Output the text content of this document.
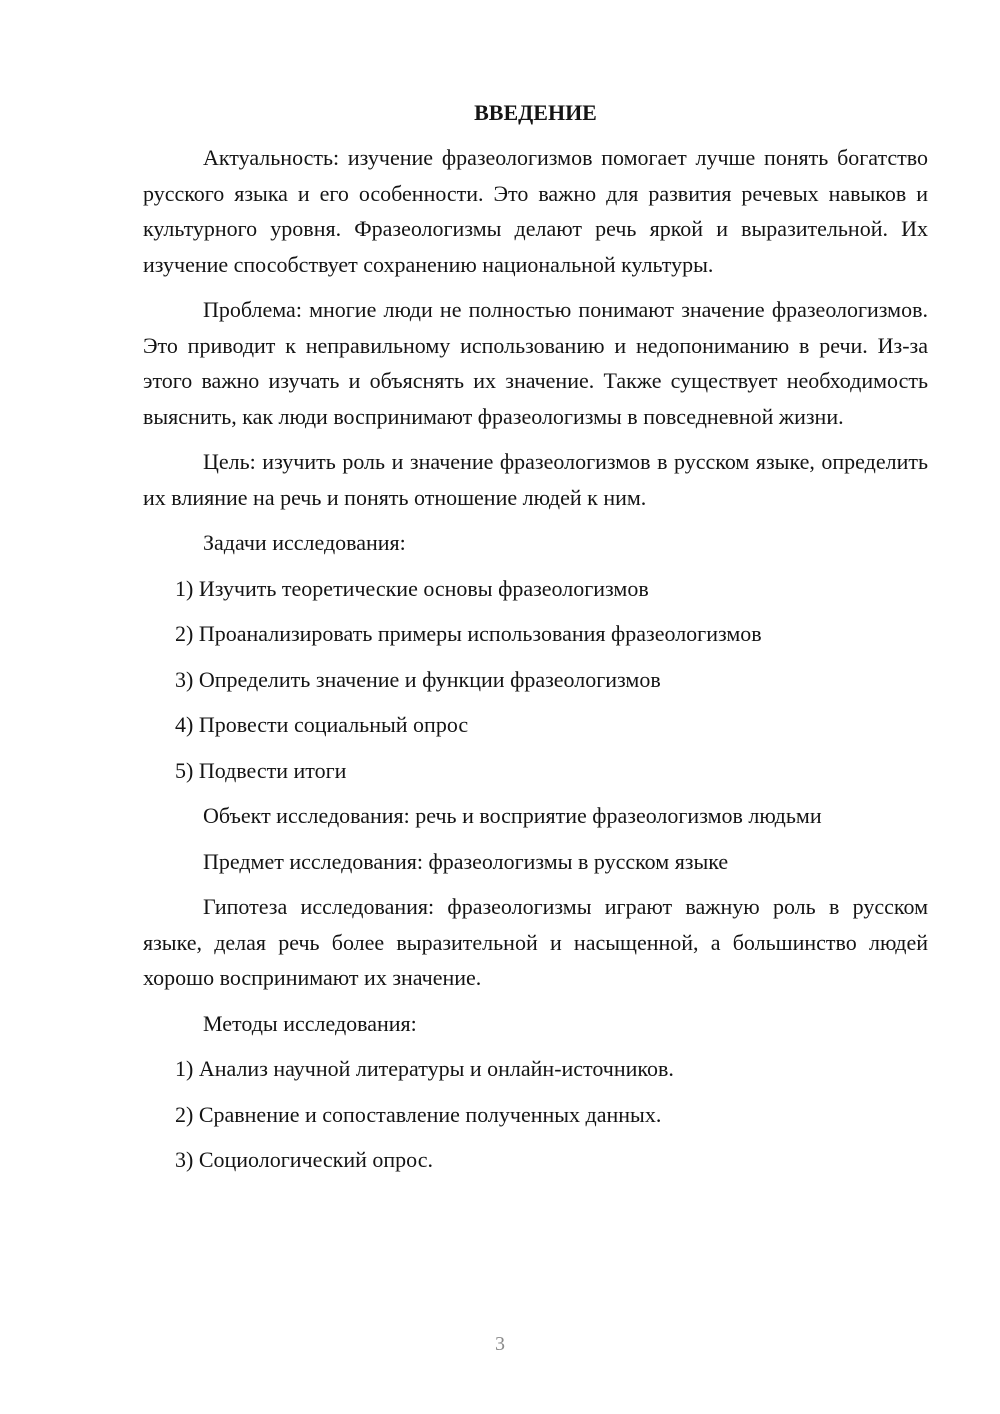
ВВЕДЕНИЕ

Актуальность: изучение фразеологизмов помогает лучше понять богатство русского языка и его особенности. Это важно для развития речевых навыков и культурного уровня. Фразеологизмы делают речь яркой и выразительной. Их изучение способствует сохранению национальной культуры.

Проблема: многие люди не полностью понимают значение фразеологизмов. Это приводит к неправильному использованию и недопониманию в речи. Из-за этого важно изучать и объяснять их значение. Также существует необходимость выяснить, как люди воспринимают фразеологизмы в повседневной жизни.

Цель: изучить роль и значение фразеологизмов в русском языке, определить их влияние на речь и понять отношение людей к ним.

Задачи исследования:
1) Изучить теоретические основы фразеологизмов
2) Проанализировать примеры использования фразеологизмов
3) Определить значение и функции фразеологизмов
4) Провести социальный опрос
5) Подвести итоги
Объект исследования: речь и восприятие фразеологизмов людьми
Предмет исследования: фразеологизмы в русском языке

Гипотеза исследования: фразеологизмы играют важную роль в русском языке, делая речь более выразительной и насыщенной, а большинство людей хорошо воспринимают их значение.

Методы исследования:
1) Анализ научной литературы и онлайн-источников.
2) Сравнение и сопоставление полученных данных.
3) Социологический опрос.
3
